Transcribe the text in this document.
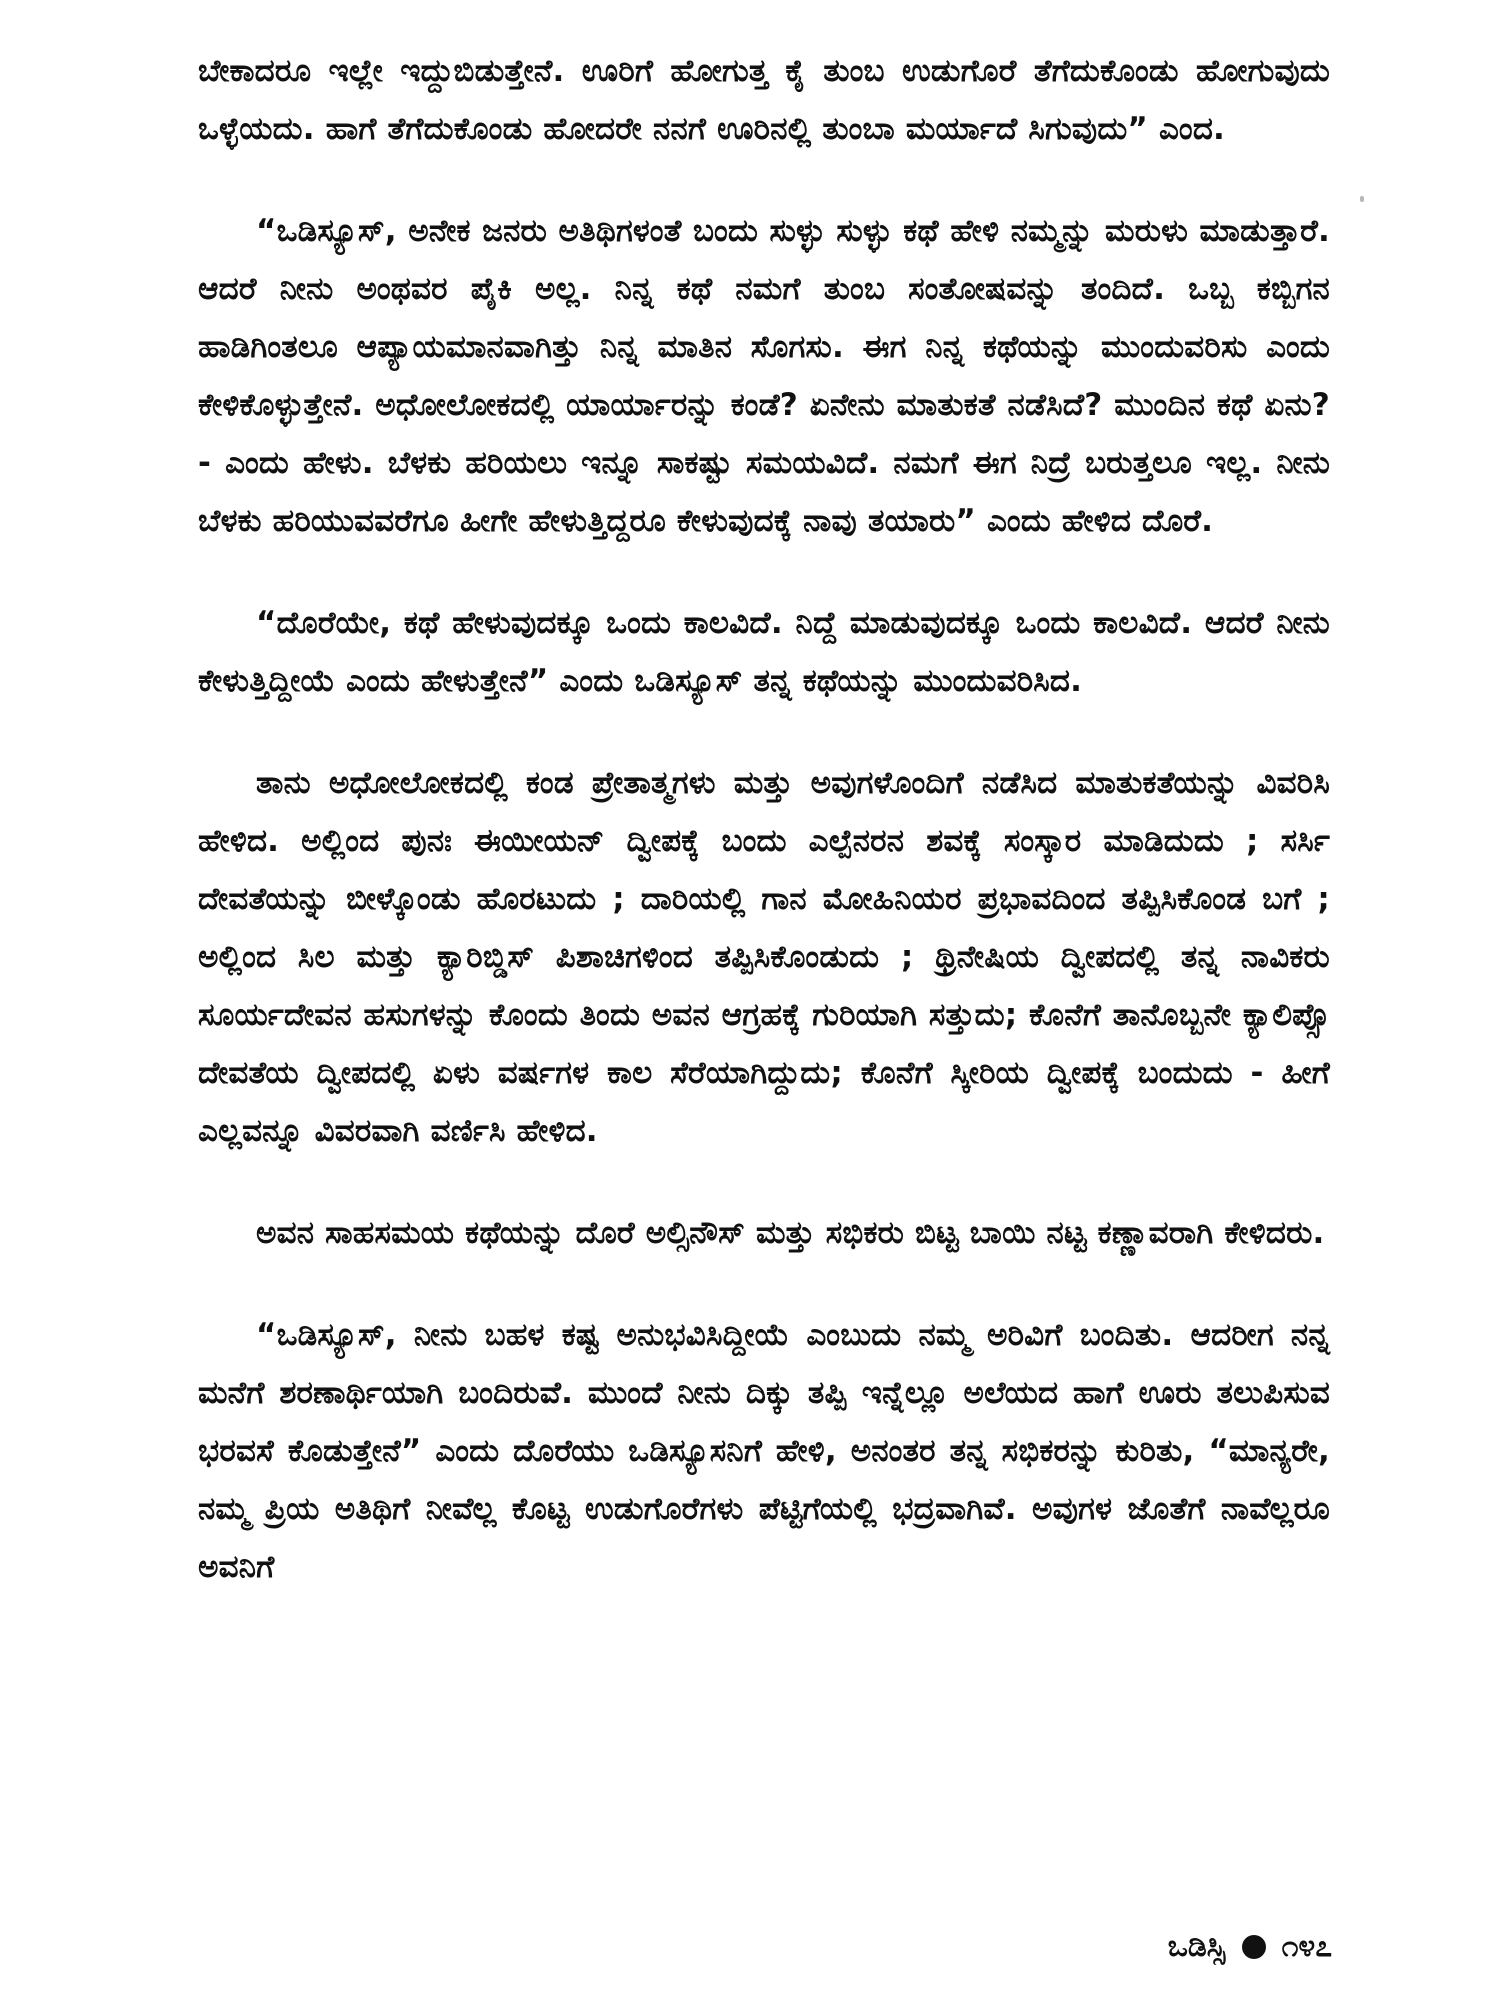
ಬೇಕಾದರೂ ಇಲ್ಲೇ ಇದ್ದುಬಿಡುತ್ತೇನೆ. ಊರಿಗೆ ಹೋಗುತ್ತ ಕೈ ತುಂಬ ಉಡುಗೊರೆ ತೆಗೆದುಕೊಂಡು ಹೋಗುವುದು ಒಳ್ಳೆಯದು. ಹಾಗೆ ತೆಗೆದುಕೊಂಡು ಹೋದರೇ ನನಗೆ ಊರಿನಲ್ಲಿ ತುಂಬಾ ಮರ್ಯಾದೆ ಸಿಗುವುದು” ಎಂದ.

“ಒಡಿಸ್ಯೂಸ್, ಅನೇಕ ಜನರು ಅತಿಥಿಗಳಂತೆ ಬಂದು ಸುಳ್ಳು ಸುಳ್ಳು ಕಥೆ ಹೇಳಿ ನಮ್ಮನ್ನು ಮರುಳು ಮಾಡುತ್ತಾರೆ. ಆದರೆ ನೀನು ಅಂಥವರ ಪೈಕಿ ಅಲ್ಲ. ನಿನ್ನ ಕಥೆ ನಮಗೆ ತುಂಬ ಸಂತೋಷವನ್ನು ತಂದಿದೆ. ಒಬ್ಬ ಕಬ್ಬಿಗನ ಹಾಡಿಗಿಂತಲೂ ಆಪ್ಯಾಯಮಾನವಾಗಿತ್ತು ನಿನ್ನ ಮಾತಿನ ಸೊಗಸು. ಈಗ ನಿನ್ನ ಕಥೆಯನ್ನು ಮುಂದುವರಿಸು ಎಂದು ಕೇಳಿಕೊಳ್ಳುತ್ತೇನೆ. ಅಧೋಲೋಕದಲ್ಲಿ ಯಾರ್ಯಾರನ್ನು ಕಂಡೆ? ಏನೇನು ಮಾತುಕತೆ ನಡೆಸಿದೆ? ಮುಂದಿನ ಕಥೆ ಏನು? - ಎಂದು ಹೇಳು. ಬೆಳಕು ಹರಿಯಲು ಇನ್ನೂ ಸಾಕಷ್ಟು ಸಮಯವಿದೆ. ನಮಗೆ ಈಗ ನಿದ್ರೆ ಬರುತ್ತಲೂ ಇಲ್ಲ. ನೀನು ಬೆಳಕು ಹರಿಯುವವರೆಗೂ ಹೀಗೇ ಹೇಳುತ್ತಿದ್ದರೂ ಕೇಳುವುದಕ್ಕೆ ನಾವು ತಯಾರು” ಎಂದು ಹೇಳಿದ ದೊರೆ.

“ದೊರೆಯೇ, ಕಥೆ ಹೇಳುವುದಕ್ಕೂ ಒಂದು ಕಾಲವಿದೆ. ನಿದ್ದೆ ಮಾಡುವುದಕ್ಕೂ ಒಂದು ಕಾಲವಿದೆ. ಆದರೆ ನೀನು ಕೇಳುತ್ತಿದ್ದೀಯೆ ಎಂದು ಹೇಳುತ್ತೇನೆ” ಎಂದು ಒಡಿಸ್ಯೂಸ್ ತನ್ನ ಕಥೆಯನ್ನು ಮುಂದುವರಿಸಿದ.

ತಾನು ಅಧೋಲೋಕದಲ್ಲಿ ಕಂಡ ಪ್ರೇತಾತ್ಮಗಳು ಮತ್ತು ಅವುಗಳೊಂದಿಗೆ ನಡೆಸಿದ ಮಾತುಕತೆಯನ್ನು ವಿವರಿಸಿ ಹೇಳಿದ. ಅಲ್ಲಿಂದ ಪುನಃ ಈಯೀಯನ್ ದ್ವೀಪಕ್ಕೆ ಬಂದು ಎಲ್ಪೆನರನ ಶವಕ್ಕೆ ಸಂಸ್ಕಾರ ಮಾಡಿದುದು ; ಸರ್ಸಿ ದೇವತೆಯನ್ನು ಬೀಳ್ಕೊಂಡು ಹೊರಟುದು ; ದಾರಿಯಲ್ಲಿ ಗಾನ ಮೋಹಿನಿಯರ ಪ್ರಭಾವದಿಂದ ತಪ್ಪಿಸಿಕೊಂಡ ಬಗೆ ; ಅಲ್ಲಿಂದ ಸಿಲ ಮತ್ತು ಕ್ಯಾರಿಬ್ಡಿಸ್ ಪಿಶಾಚಿಗಳಿಂದ ತಪ್ಪಿಸಿಕೊಂಡುದು ; ಥ್ರಿನೇಷಿಯ ದ್ವೀಪದಲ್ಲಿ ತನ್ನ ನಾವಿಕರು ಸೂರ್ಯದೇವನ ಹಸುಗಳನ್ನು ಕೊಂದು ತಿಂದು ಅವನ ಆಗ್ರಹಕ್ಕೆ ಗುರಿಯಾಗಿ ಸತ್ತುದು; ಕೊನೆಗೆ ತಾನೊಬ್ಬನೇ ಕ್ಯಾಲಿಪ್ಸೊ ದೇವತೆಯ ದ್ವೀಪದಲ್ಲಿ ಏಳು ವರ್ಷಗಳ ಕಾಲ ಸೆರೆಯಾಗಿದ್ದುದು; ಕೊನೆಗೆ ಸ್ಕೀರಿಯ ದ್ವೀಪಕ್ಕೆ ಬಂದುದು - ಹೀಗೆ ಎಲ್ಲವನ್ನೂ ವಿವರವಾಗಿ ವರ್ಣಿಸಿ ಹೇಳಿದ.

ಅವನ ಸಾಹಸಮಯ ಕಥೆಯನ್ನು ದೊರೆ ಅಲ್ಸಿನೌಸ್ ಮತ್ತು ಸಭಿಕರು ಬಿಟ್ಟ ಬಾಯಿ ನಟ್ಟ ಕಣ್ಣಾವರಾಗಿ ಕೇಳಿದರು.

“ಒಡಿಸ್ಯೂಸ್, ನೀನು ಬಹಳ ಕಷ್ಟ ಅನುಭವಿಸಿದ್ದೀಯೆ ಎಂಬುದು ನಮ್ಮ ಅರಿವಿಗೆ ಬಂದಿತು. ಆದರೀಗ ನನ್ನ ಮನೆಗೆ ಶರಣಾರ್ಥಿಯಾಗಿ ಬಂದಿರುವೆ. ಮುಂದೆ ನೀನು ದಿಕ್ಕು ತಪ್ಪಿ ಇನ್ನೆಲ್ಲೂ ಅಲೆಯದ ಹಾಗೆ ಊರು ತಲುಪಿಸುವ ಭರವಸೆ ಕೊಡುತ್ತೇನೆ” ಎಂದು ದೊರೆಯು ಒಡಿಸ್ಯೂಸನಿಗೆ ಹೇಳಿ, ಅನಂತರ ತನ್ನ ಸಭಿಕರನ್ನು ಕುರಿತು, “ಮಾನ್ಯರೇ, ನಮ್ಮ ಪ್ರಿಯ ಅತಿಥಿಗೆ ನೀವೆಲ್ಲ ಕೊಟ್ಟ ಉಡುಗೊರೆಗಳು ಪೆಟ್ಟಿಗೆಯಲ್ಲಿ ಭದ್ರವಾಗಿವೆ. ಅವುಗಳ ಜೊತೆಗೆ ನಾವೆಲ್ಲರೂ ಅವನಿಗೆ

ಒಡಿಸ್ಸಿ ೧೪೭
